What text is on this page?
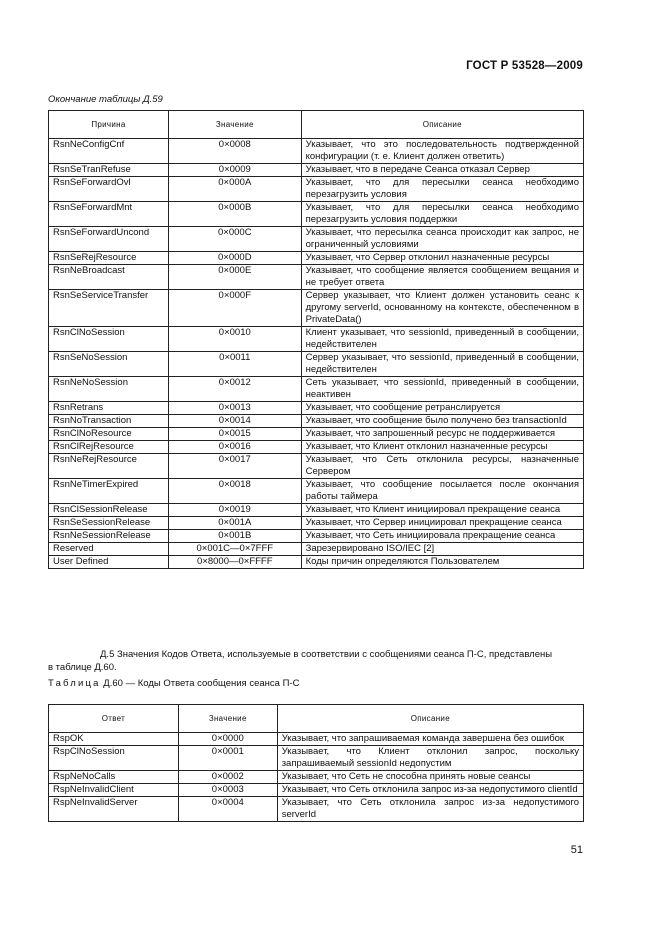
ГОСТ Р 53528—2009
Окончание таблицы Д.59
Причина	Значение	Описание
RsnNeConfigCnf	0×0008	Указывает, что это последовательность подтвержденной конфигурации (т. е. Клиент должен ответить)
RsnSeTranRefuse	0×0009	Указывает, что в передаче Сеанса отказал Сервер
RsnSeForwardOvl	0×000A	Указывает, что для пересылки сеанса необходимо перезагрузить условия
RsnSeForwardMnt	0×000B	Указывает, что для пересылки сеанса необходимо перезагрузить условия поддержки
RsnSeForwardUncond	0×000C	Указывает, что пересылка сеанса происходит как запрос, не ограниченный условиями
RsnSeRejResource	0×000D	Указывает, что Сервер отклонил назначенные ресурсы
RsnNeBroadcast	0×000E	Указывает, что сообщение является сообщением вещания и не требует ответа
RsnSeServiceTransfer	0×000F	Сервер указывает, что Клиент должен установить сеанс к другому serverId, основанному на контексте, обеспеченном в PrivateData()
RsnClNoSession	0×0010	Клиент указывает, что sessionId, приведенный в сообщении, недействителен
RsnSeNoSession	0×0011	Сервер указывает, что sessionId, приведенный в сообщении, недействителен
RsnNeNoSession	0×0012	Сеть указывает, что sessionId, приведенный в сообщении, неактивен
RsnRetrans	0×0013	Указывает, что сообщение ретранслируется
RsnNoTransaction	0×0014	Указывает, что сообщение было получено без transactionId
RsnClNoResource	0×0015	Указывает, что запрошенный ресурс не поддерживается
RsnClRejResource	0×0016	Указывает, что Клиент отклонил назначенные ресурсы
RsnNeRejResource	0×0017	Указывает, что Сеть отклонила ресурсы, назначенные Сервером
RsnNeTimerExpired	0×0018	Указывает, что сообщение посылается после окончания работы таймера
RsnClSessionRelease	0×0019	Указывает, что Клиент инициировал прекращение сеанса
RsnSeSessionRelease	0×001A	Указывает, что Сервер инициировал прекращение сеанса
RsnNeSessionRelease	0×001B	Указывает, что Сеть инициировала прекращение сеанса
Reserved	0×001C—0×7FFF	Зарезервировано ISO/IEC [2]
User Defined	0×8000—0×FFFF	Коды причин определяются Пользователем
Д.5 Значения Кодов Ответа, используемые в соответствии с сообщениями сеанса П-С, представлены
в таблице Д.60.
Таблица Д.60 — Коды Ответа сообщения сеанса П-С
Ответ	Значение	Описание
RspOK	0×0000	Указывает, что запрашиваемая команда завершена без ошибок
RspClNoSession	0×0001	Указывает, что Клиент отклонил запрос, поскольку запрашиваемый sessionId недопустим
RspNeNoCalls	0×0002	Указывает, что Сеть не способна принять новые сеансы
RspNeInvalidClient	0×0003	Указывает, что Сеть отклонила запрос из-за недопустимого clientId
RspNeInvalidServer	0×0004	Указывает, что Сеть отклонила запрос из-за недопустимого serverId
51
